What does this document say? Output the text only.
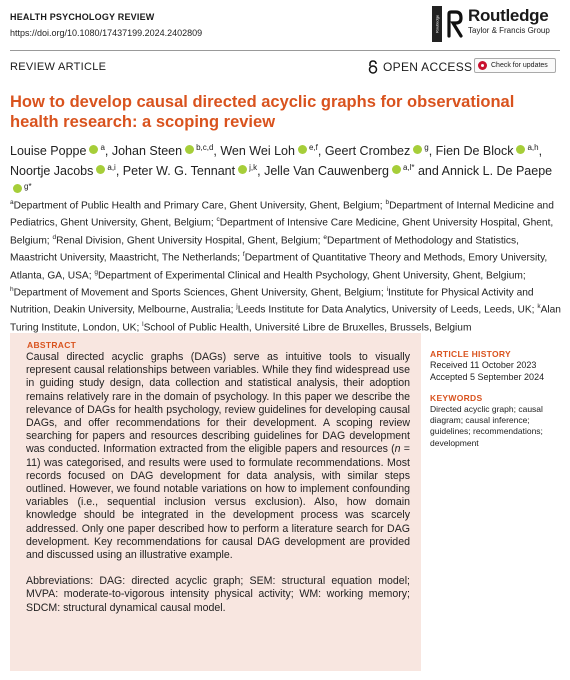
HEALTH PSYCHOLOGY REVIEW
https://doi.org/10.1080/17437199.2024.2402809	Routledge Routledge
Taylor & Francis Group
REVIEW ARTICLE	OPEN ACCESS	Check for updates
How to develop causal directed acyclic graphs for observational health research: a scoping review
Louise Poppe $^a$, Johan Steen $^{b,c,d}$, Wen Wei Loh $^{e,f}$, Geert Crombez $^g$, Fien De Block $^{a,h}$, Noortje Jacobs $^{a,i}$, Peter W. G. Tennant $^{j,k}$, Jelle Van Cauwenberg $^{a,l*}$ and Annick L. De Paepe$^{g*}$
$^a$Department of Public Health and Primary Care, Ghent University, Ghent, Belgium; $^b$Department of Internal Medicine and Pediatrics, Ghent University, Ghent, Belgium; $^c$Department of Intensive Care Medicine, Ghent University Hospital, Ghent, Belgium; $^d$Renal Division, Ghent University Hospital, Ghent, Belgium; $^e$Department of Methodology and Statistics, Maastricht University, Maastricht, The Netherlands; $^f$Department of Quantitative Theory and Methods, Emory University, Atlanta, GA, USA; $^g$Department of Experimental Clinical and Health Psychology, Ghent University, Ghent, Belgium; $^h$Department of Movement and Sports Sciences, Ghent University, Ghent, Belgium; $^i$Institute for Physical Activity and Nutrition, Deakin University, Melbourne, Australia; $^j$Leeds Institute for Data Analytics, University of Leeds, Leeds, UK; $^k$Alan Turing Institute, London, UK; $^l$School of Public Health, Université Libre de Bruxelles, Brussels, Belgium
ABSTRACT

Causal directed acyclic graphs (DAGs) serve as intuitive tools to visually represent causal relationships between variables. While they find widespread use in guiding study design, data collection and statistical analysis, their adoption remains relatively rare in the domain of psychology. In this paper we describe the relevance of DAGs for health psychology, review guidelines for developing causal DAGs, and offer recommendations for their development. A scoping review searching for papers and resources describing guidelines for DAG development was conducted. Information extracted from the eligible papers and resources (n = 11) was categorised, and results were used to formulate recommendations. Most records focused on DAG development for data analysis, with similar steps outlined. However, we found notable variations on how to implement confounding variables (i.e., sequential inclusion versus exclusion). Also, how domain knowledge should be integrated in the development process was scarcely addressed. Only one paper described how to perform a literature search for DAG development. Key recommendations for causal DAG development are provided and discussed using an illustrative example.

Abbreviations: DAG: directed acyclic graph; SEM: structural equation model; MVPA: moderate-to-vigorous intensity physical activity; WM: working memory; SDCM: structural dynamical causal model.

ARTICLE HISTORY
Received 11 October 2023
Accepted 5 September 2024
KEYWORDS
Directed acyclic graph; causal diagram; causal inference; guidelines; recommendations; development
